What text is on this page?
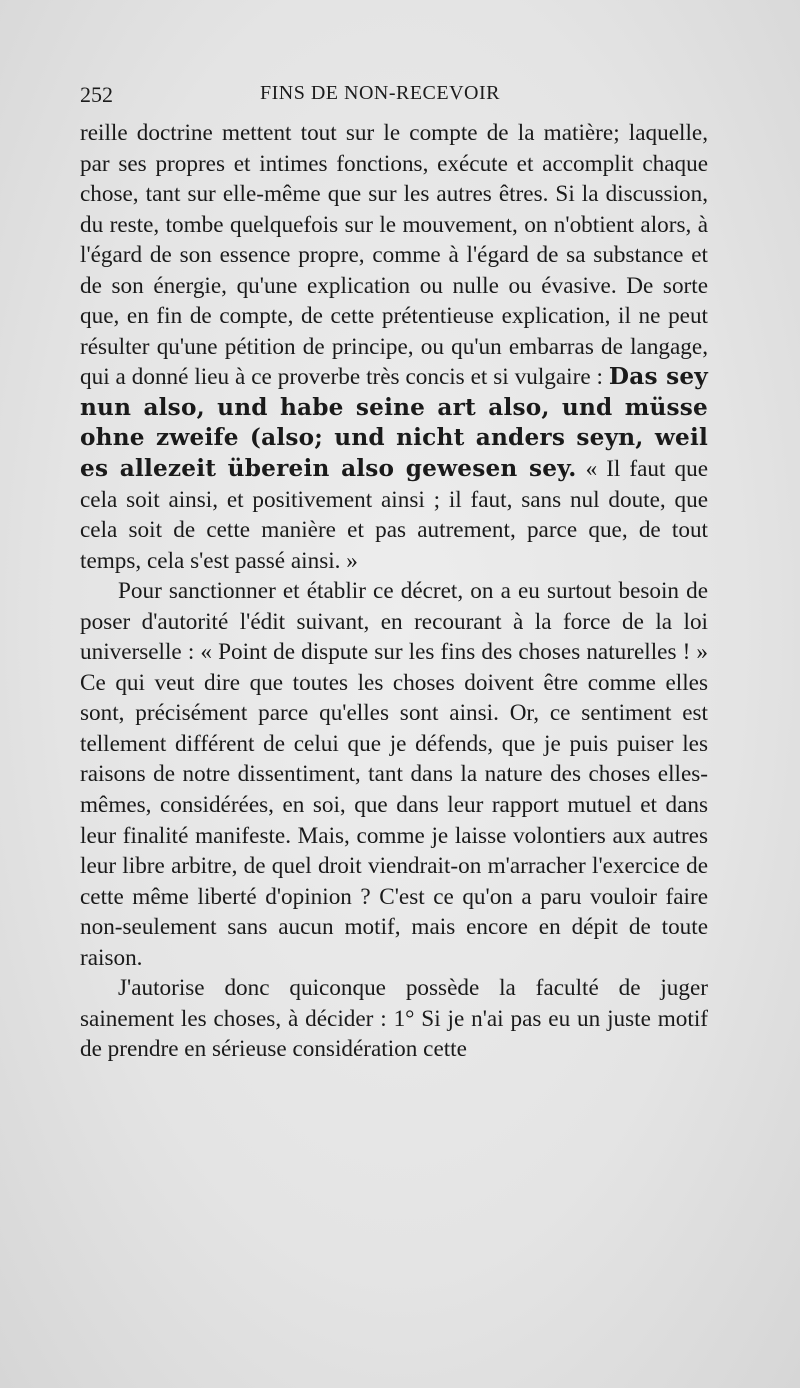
252	FINS DE NON-RECEVOIR

reille doctrine mettent tout sur le compte de la matière; laquelle, par ses propres et intimes fonctions, exécute et accomplit chaque chose, tant sur elle-même que sur les autres êtres. Si la discussion, du reste, tombe quelquefois sur le mouvement, on n'obtient alors, à l'égard de son essence propre, comme à l'égard de sa substance et de son énergie, qu'une explication ou nulle ou évasive. De sorte que, en fin de compte, de cette prétentieuse explication, il ne peut résulter qu'une pétition de principe, ou qu'un embarras de langage, qui a donné lieu à ce proverbe très concis et si vulgaire : Das sey nun also, und habe seine art also, und müsse ohne zweife (also; und nicht anders seyn, weil es allezeit überein also gewesen sey. « Il faut que cela soit ainsi, et positivement ainsi ; il faut, sans nul doute, que cela soit de cette manière et pas autrement, parce que, de tout temps, cela s'est passé ainsi. »

Pour sanctionner et établir ce décret, on a eu surtout besoin de poser d'autorité l'édit suivant, en recourant à la force de la loi universelle : « Point de dispute sur les fins des choses naturelles ! » Ce qui veut dire que toutes les choses doivent être comme elles sont, précisément parce qu'elles sont ainsi. Or, ce sentiment est tellement différent de celui que je défends, que je puis puiser les raisons de notre dissentiment, tant dans la nature des choses elles-mêmes, considérées, en soi, que dans leur rapport mutuel et dans leur finalité manifeste. Mais, comme je laisse volontiers aux autres leur libre arbitre, de quel droit viendrait-on m'arracher l'exercice de cette même liberté d'opinion ? C'est ce qu'on a paru vouloir faire non-seulement sans aucun motif, mais encore en dépit de toute raison.

J'autorise donc quiconque possède la faculté de juger sainement les choses, à décider : 1° Si je n'ai pas eu un juste motif de prendre en sérieuse considération cette
